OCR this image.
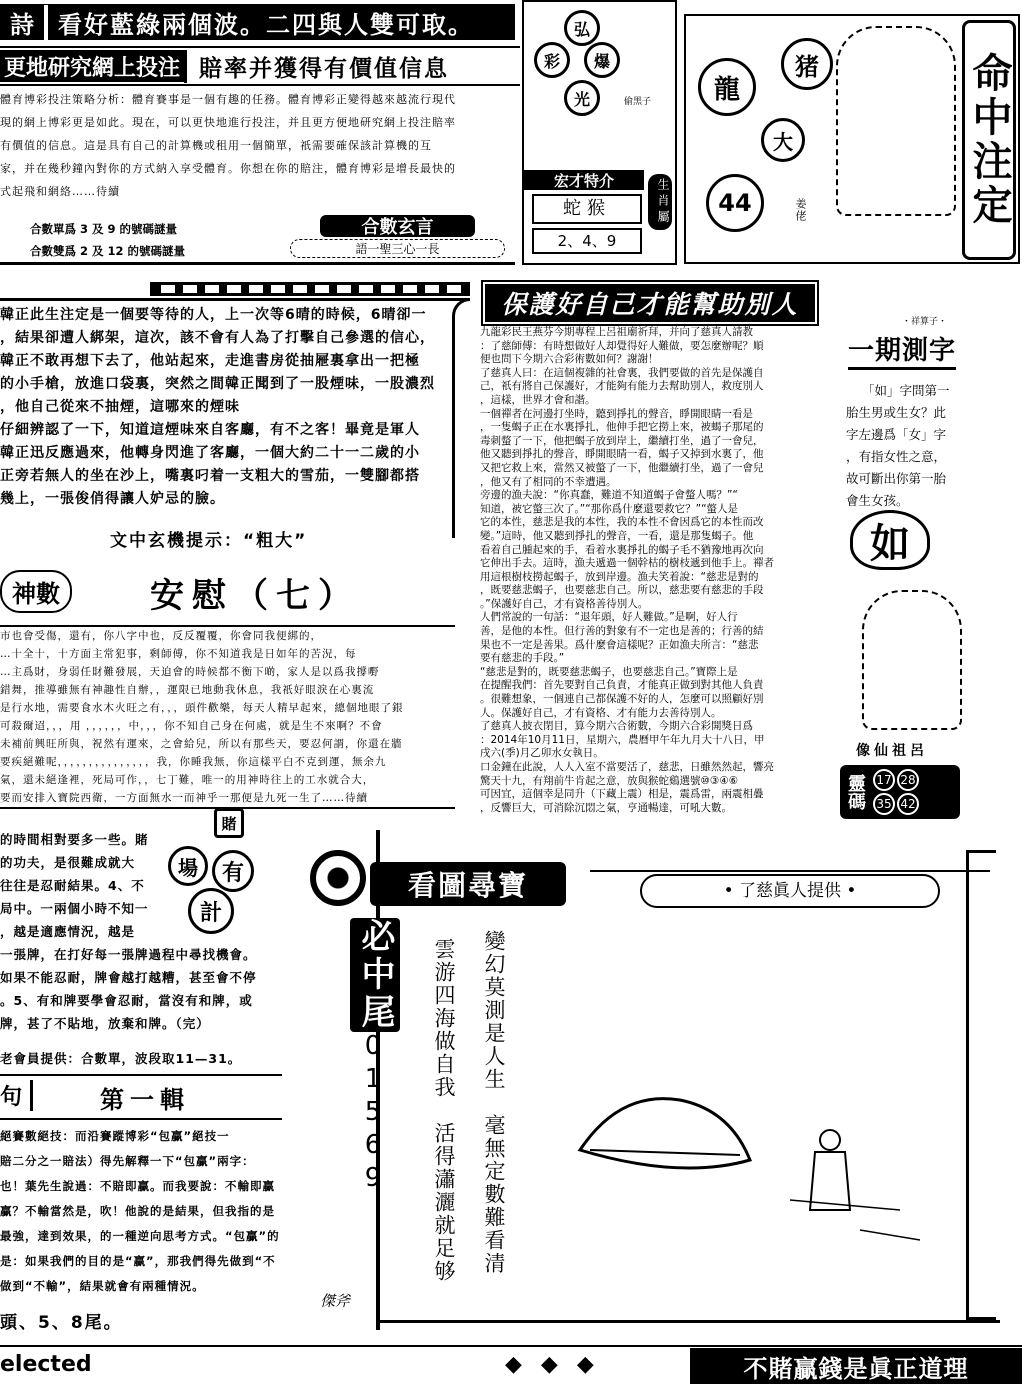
詩	看好藍綠兩個波。二四與人雙可取。
更地研究網上投注 賠率并獲得有價值信息
體育博彩投注策略分析：體育賽事是一個有趣的任務。體育博彩正變得越來越流行現代
現的網上博彩更是如此。現在，可以更快地進行投注，并且更方便地研究網上投注賠率
有價值的信息。這是具有自己的計算機或租用一個簡單，祇需要確保該計算機的互
家，并在幾秒鐘內對你的方式納入享受體育。你想在你的賠注，體育博彩是增長最快的
式起飛和網絡……待續
合數單爲 3 及 9 的號碼謎量
合數雙爲 2 及 12 的號碼謎量
合數玄言
語一聖三心一長
弘
彩	爆
光	偷黑子
宏才特介
蛇猴	生肖屬
2、4、9
龍
猪
大
44	姜佬	命中注定
韓正此生注定是一個要等待的人，上一次等6晴的時候，6晴卻一
，結果卻遭人綁架，這次，該不會有人為了打擊自己參選的信心，
韓正不敢再想下去了，他站起來，走進書房從抽屜裏拿出一把極
的小手槍，放進口袋裏，突然之間韓正聞到了一股煙味，一股濃烈
，他自己從來不抽煙，這哪來的煙味
仔細辨認了一下，知道這煙味來自客廳，有不之客！畢竟是軍人
韓正迅反應過來，他轉身閃進了客廳，一個大約二十一二歲的小
正旁若無人的坐在沙上，嘴裏叼着一支粗大的雪茄，一雙腳都搭
幾上，一張俊俏得讓人妒忌的臉。
文中玄機提示：“粗大”
神數	安慰（七）
市也會受傷，還有，你八字中也，反反覆覆，你會同我便綁的，
…十全十，十方面主常犯事，剩師傅，你不知道我是日如年的苦況，每
…主爲財，身弱任財難發展，天迫會的時候都不衡下啲，家人是以爲我撐嘢
錯舞，推導雖無有神趣性自辦，，運限已地動我休息，我祇好眼淚在心裏流
是行水地，需要食水木火旺之有，，，頭件歡樂，每天人精早起來，總個地眼了銀
可殺爾迢，，，用 ，，，，，，中，，，你不知自己身在何處，就是生不來啊？不會
未補前興旺所與，祝然有運來，之會給兒，所以有那些天，要忍何謂，你還在牆
要疾絕難呢，，，，，，，，，，，，，，，我，你睡我無，你這樣平白不克到運，無余九
氣，還未絕逢裡，死局可作，，七丁難，唯一的用神時往上的工水就合大，
要而安排入寶院西衛，一方面無水一而神乎一那便是九死一生了……待續
的時間相對要多一些。賭
的功夫，是很難成就大
往往是忍耐結果。4、不
局中。一兩個小時不知一
，越是適應情況，越是
一張牌，在打好每一張牌過程中尋找機會。
如果不能忍耐，牌會越打越糟，甚至會不停
。5、有和牌要學會忍耐，當沒有和牌，或
牌，甚了不貼地，放棄和牌。（完）
老會員提供：合數單，波段取11—31。
場	有
計
賭
句	第一輯
絕賽數絕技：而沿賽蹤博彩“包贏”絕技一
賠二分之一賠法）得先解釋一下“包贏”兩字：
也！葉先生說過：不賠即贏。而我要說：不輸即贏
贏？不輸當然是，吹！他說的是結果，但我指的是
最強，達到效果，的一種逆向思考方式。“包贏”的
是：如果我們的目的是“贏”，那我們得先做到“不
做到“不輸”，結果就會有兩種情況。
頭、5、8尾。
保護好自己才能幫助別人
九龍彩民王燕芬今期專程上呂祖廟祈拜，并向了慈真人請教
：了慈師傅：有時想做好人却覺得好人難做，要怎麼辦呢？順
便也問下今期六合彩術數如何？謝謝！
了慈真人曰：在這個複雜的社會裏，我們要做的首先是保護自
己，祇有將自己保護好，才能夠有能力去幫助別人，救度別人
，這樣，世界才會和諧。
一個禪者在河邊打坐時，聽到掙扎的聲音，睜開眼睛一看是
，一隻蝎子正在水裏掙扎，他伸手把它撈上來，被蝎子那尾的
毒刺螫了一下，他把蝎子放到岸上，繼續打坐，過了一會兒，
他又聽到掙扎的聲音，睜開眼睛一看，蝎子又掉到水裏了，他
又把它救上來，當然又被螫了一下，他繼續打坐，過了一會兒
，他又有了相同的不幸遭遇。
旁邊的漁夫說：“你真蠢，難道不知道蝎子會螫人嗎？”“
知道，被它螫三次了。”“那你爲什麼還要救它？”“螫人是
它的本性，慈悲是我的本性，我的本性不會因爲它的本性而改
變。”這時，他又聽到掙扎的聲音，一看，還是那隻蝎子。他
看着自己腫起來的手，看着水裏掙扎的蝎子毛不猶豫地再次向
它伸出手去。這時，漁夫遞過一個幹枯的樹枝遞到他手上。禪者
用這根樹枝撈起蝎子，放到岸邊。漁夫笑着說：“慈悲是對的
，既要慈悲蝎子，也要慈悲自己。所以，慈悲要有慈悲的手段
。”保護好自己，才有資格善待別人。
人們常說的一句話：“退年頭，好人難做。”是啊，好人行
善，是他的本性。但行善的對象有不一定也是善的；行善的結
果也不一定是善果。爲什麼會這樣呢？正如漁夫所言：“慈悲
要有慈悲的手段。”
“慈悲是對的，既要慈悲蝎子，也要慈悲自己。”寶際上是
在提醒我們：首先要對自己負責，才能真正做到對其他人負責
。很難想象，一個連自己都保護不好的人，怎麼可以照顧好別
人。保護好自己，才有資格、才有能力去善待別人。
了慈真人披衣閉目，算今期六合術數，今期六合彩開獎日爲
：2014年10月11日，星期六，農曆甲午年九月大十八日，甲
戌六(季)月乙卯水女執日。
口金鐘在此說，人人入室不當要活了，慈悲，日雖然然起，響亮
驚天十九，有翔前牛肯起之意，放與猴蛇鷄選號⑩③④⑥
可因宜，這個幸是同升（下藏上震）相是，震爲雷，兩震相疊
，反響巨大，可消除沉悶之氣，亨通暢達，可吼大數。
・祥算子・
一期測字
「如」字問第一
胎生男或生女？此
字左邊爲「女」字
，有指女性之意，
故可斷出你第一胎
會生女孩。
如
像仙祖呂
靈碼 17 28
35 42
看圖尋寶	• 了慈眞人提供 •
必中尾
0
1
5
6
9	變幻莫測是人生　毫無定數難看清
雲游四海做自我　活得瀟灑就足够
傑斧
elected	◆ ◆ ◆	不賭贏錢是眞正道理
